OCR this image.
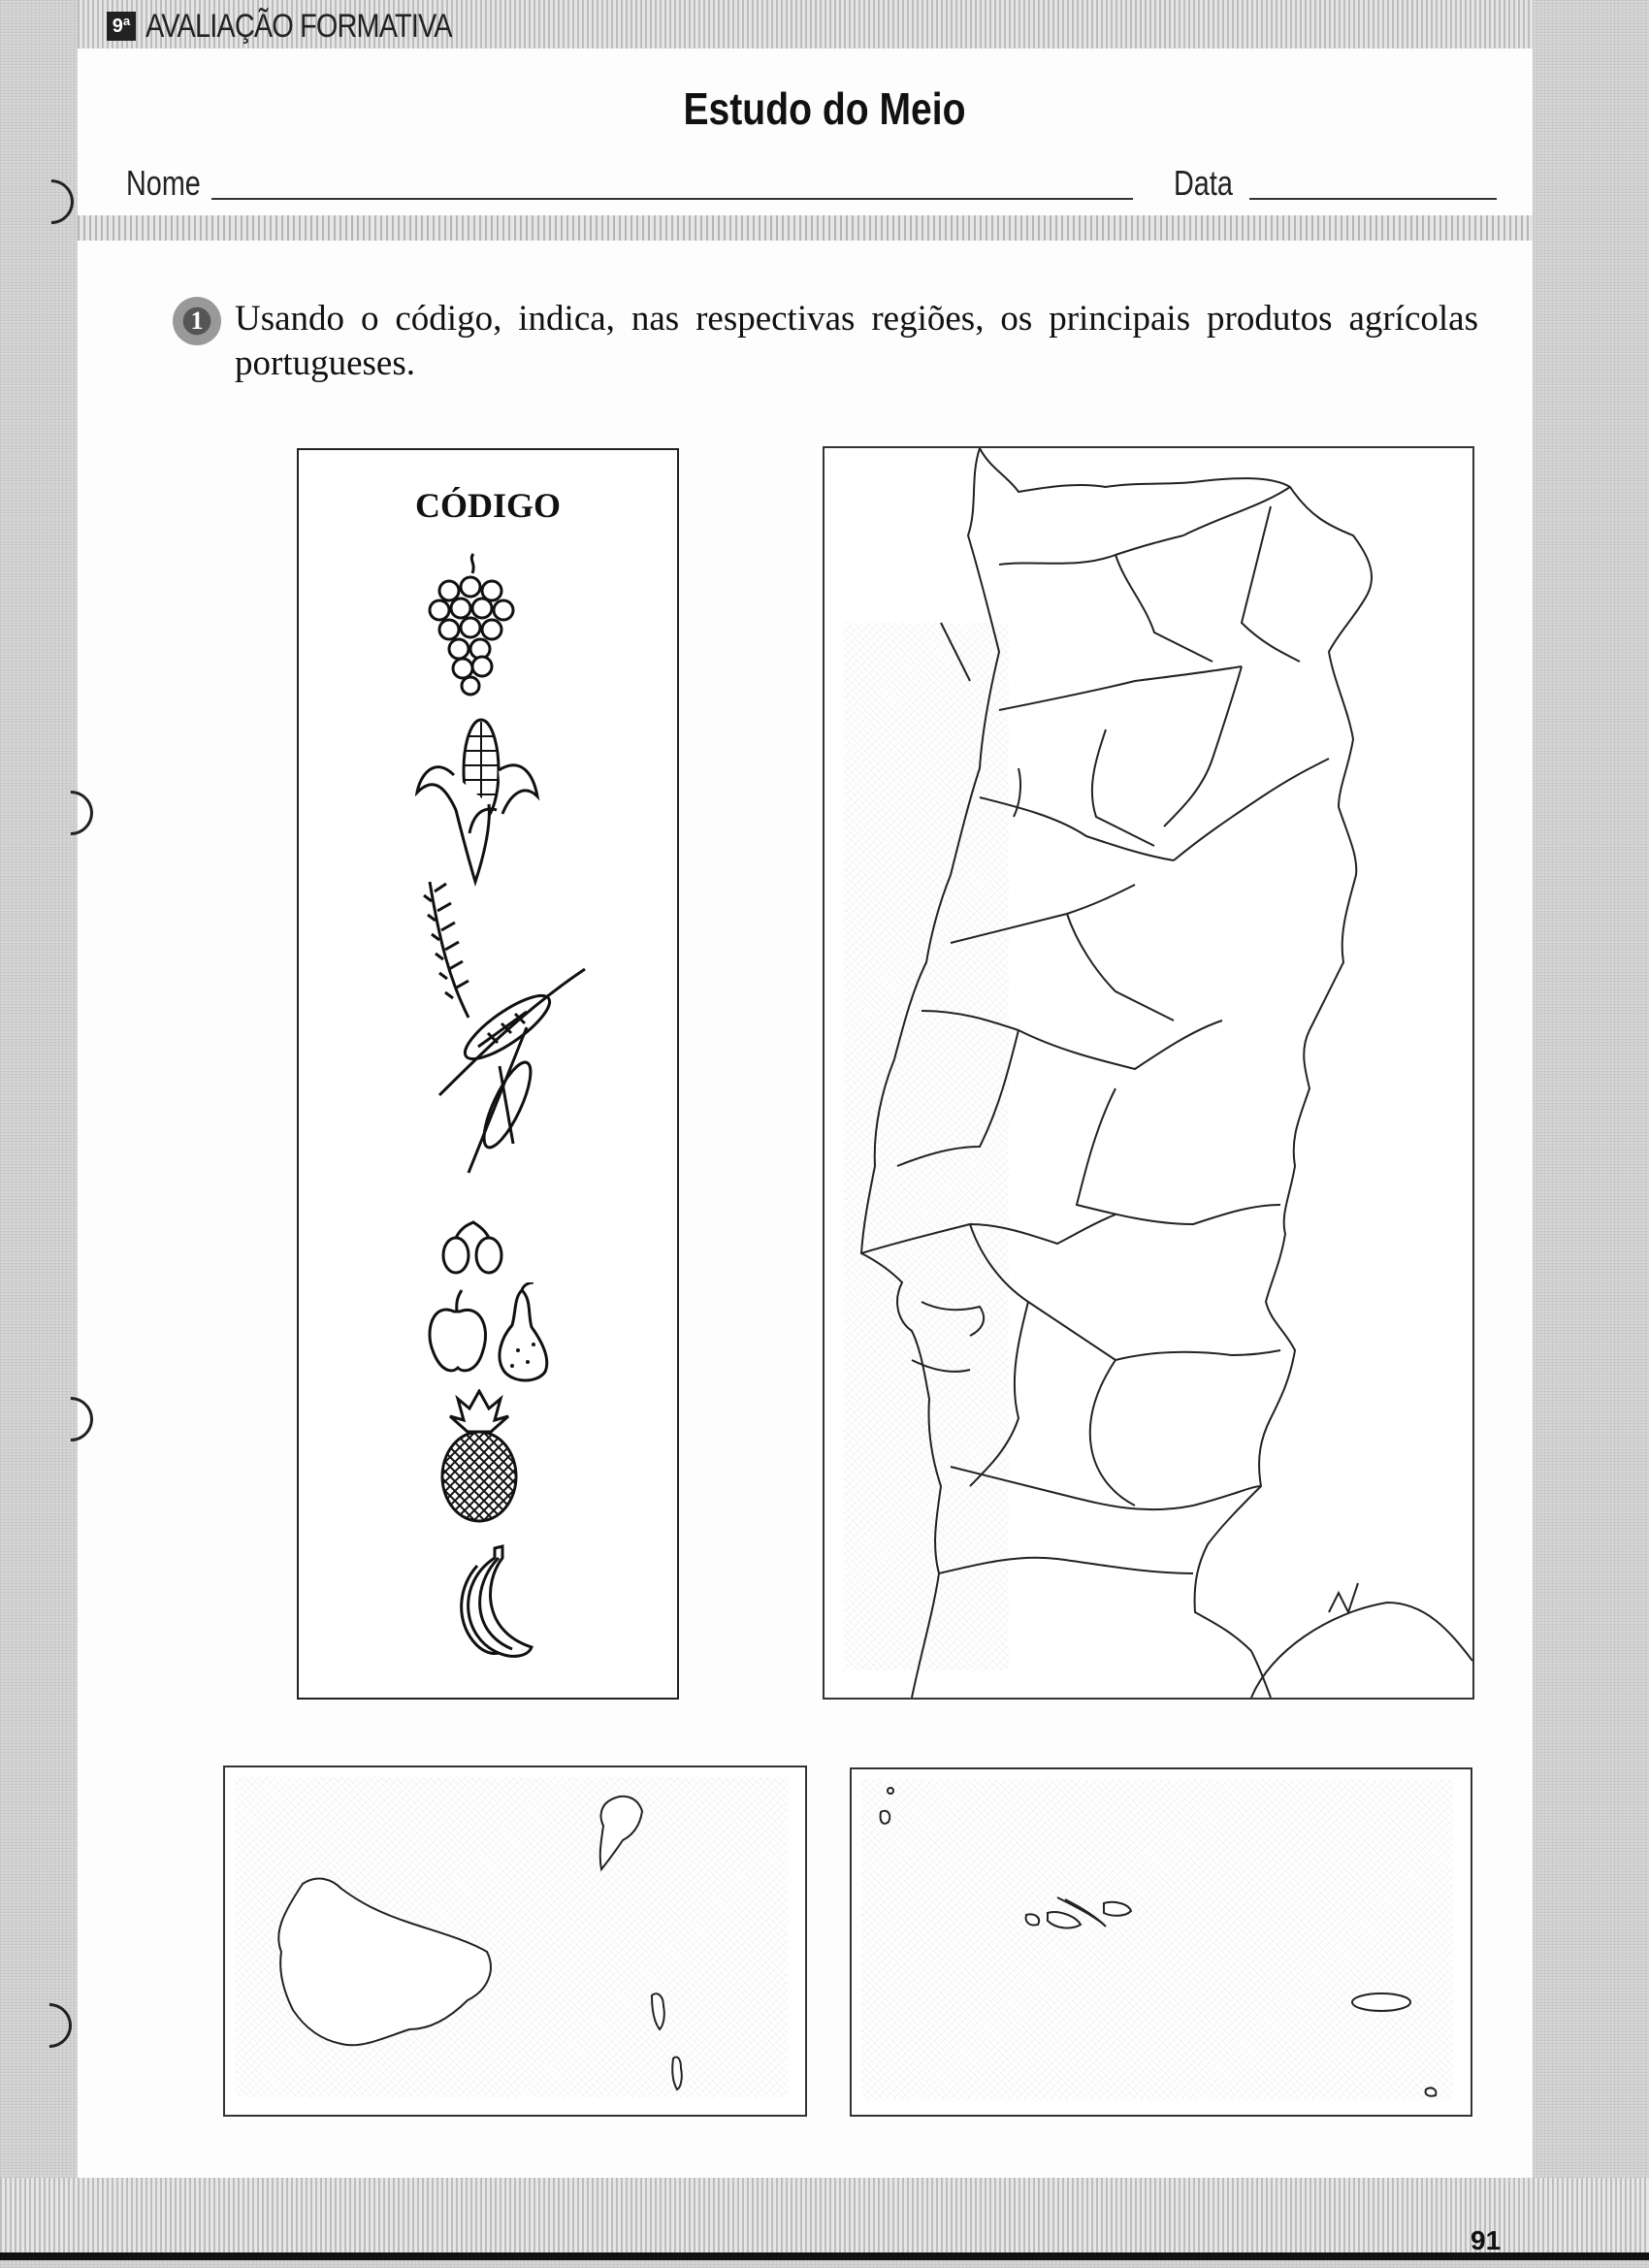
9ª AVALIAÇÃO FORMATIVA
Estudo do Meio
Nome	Data
1 Usando o código, indica, nas respectivas regiões, os principais produtos agrícolas portugueses.
CÓDIGO
91
